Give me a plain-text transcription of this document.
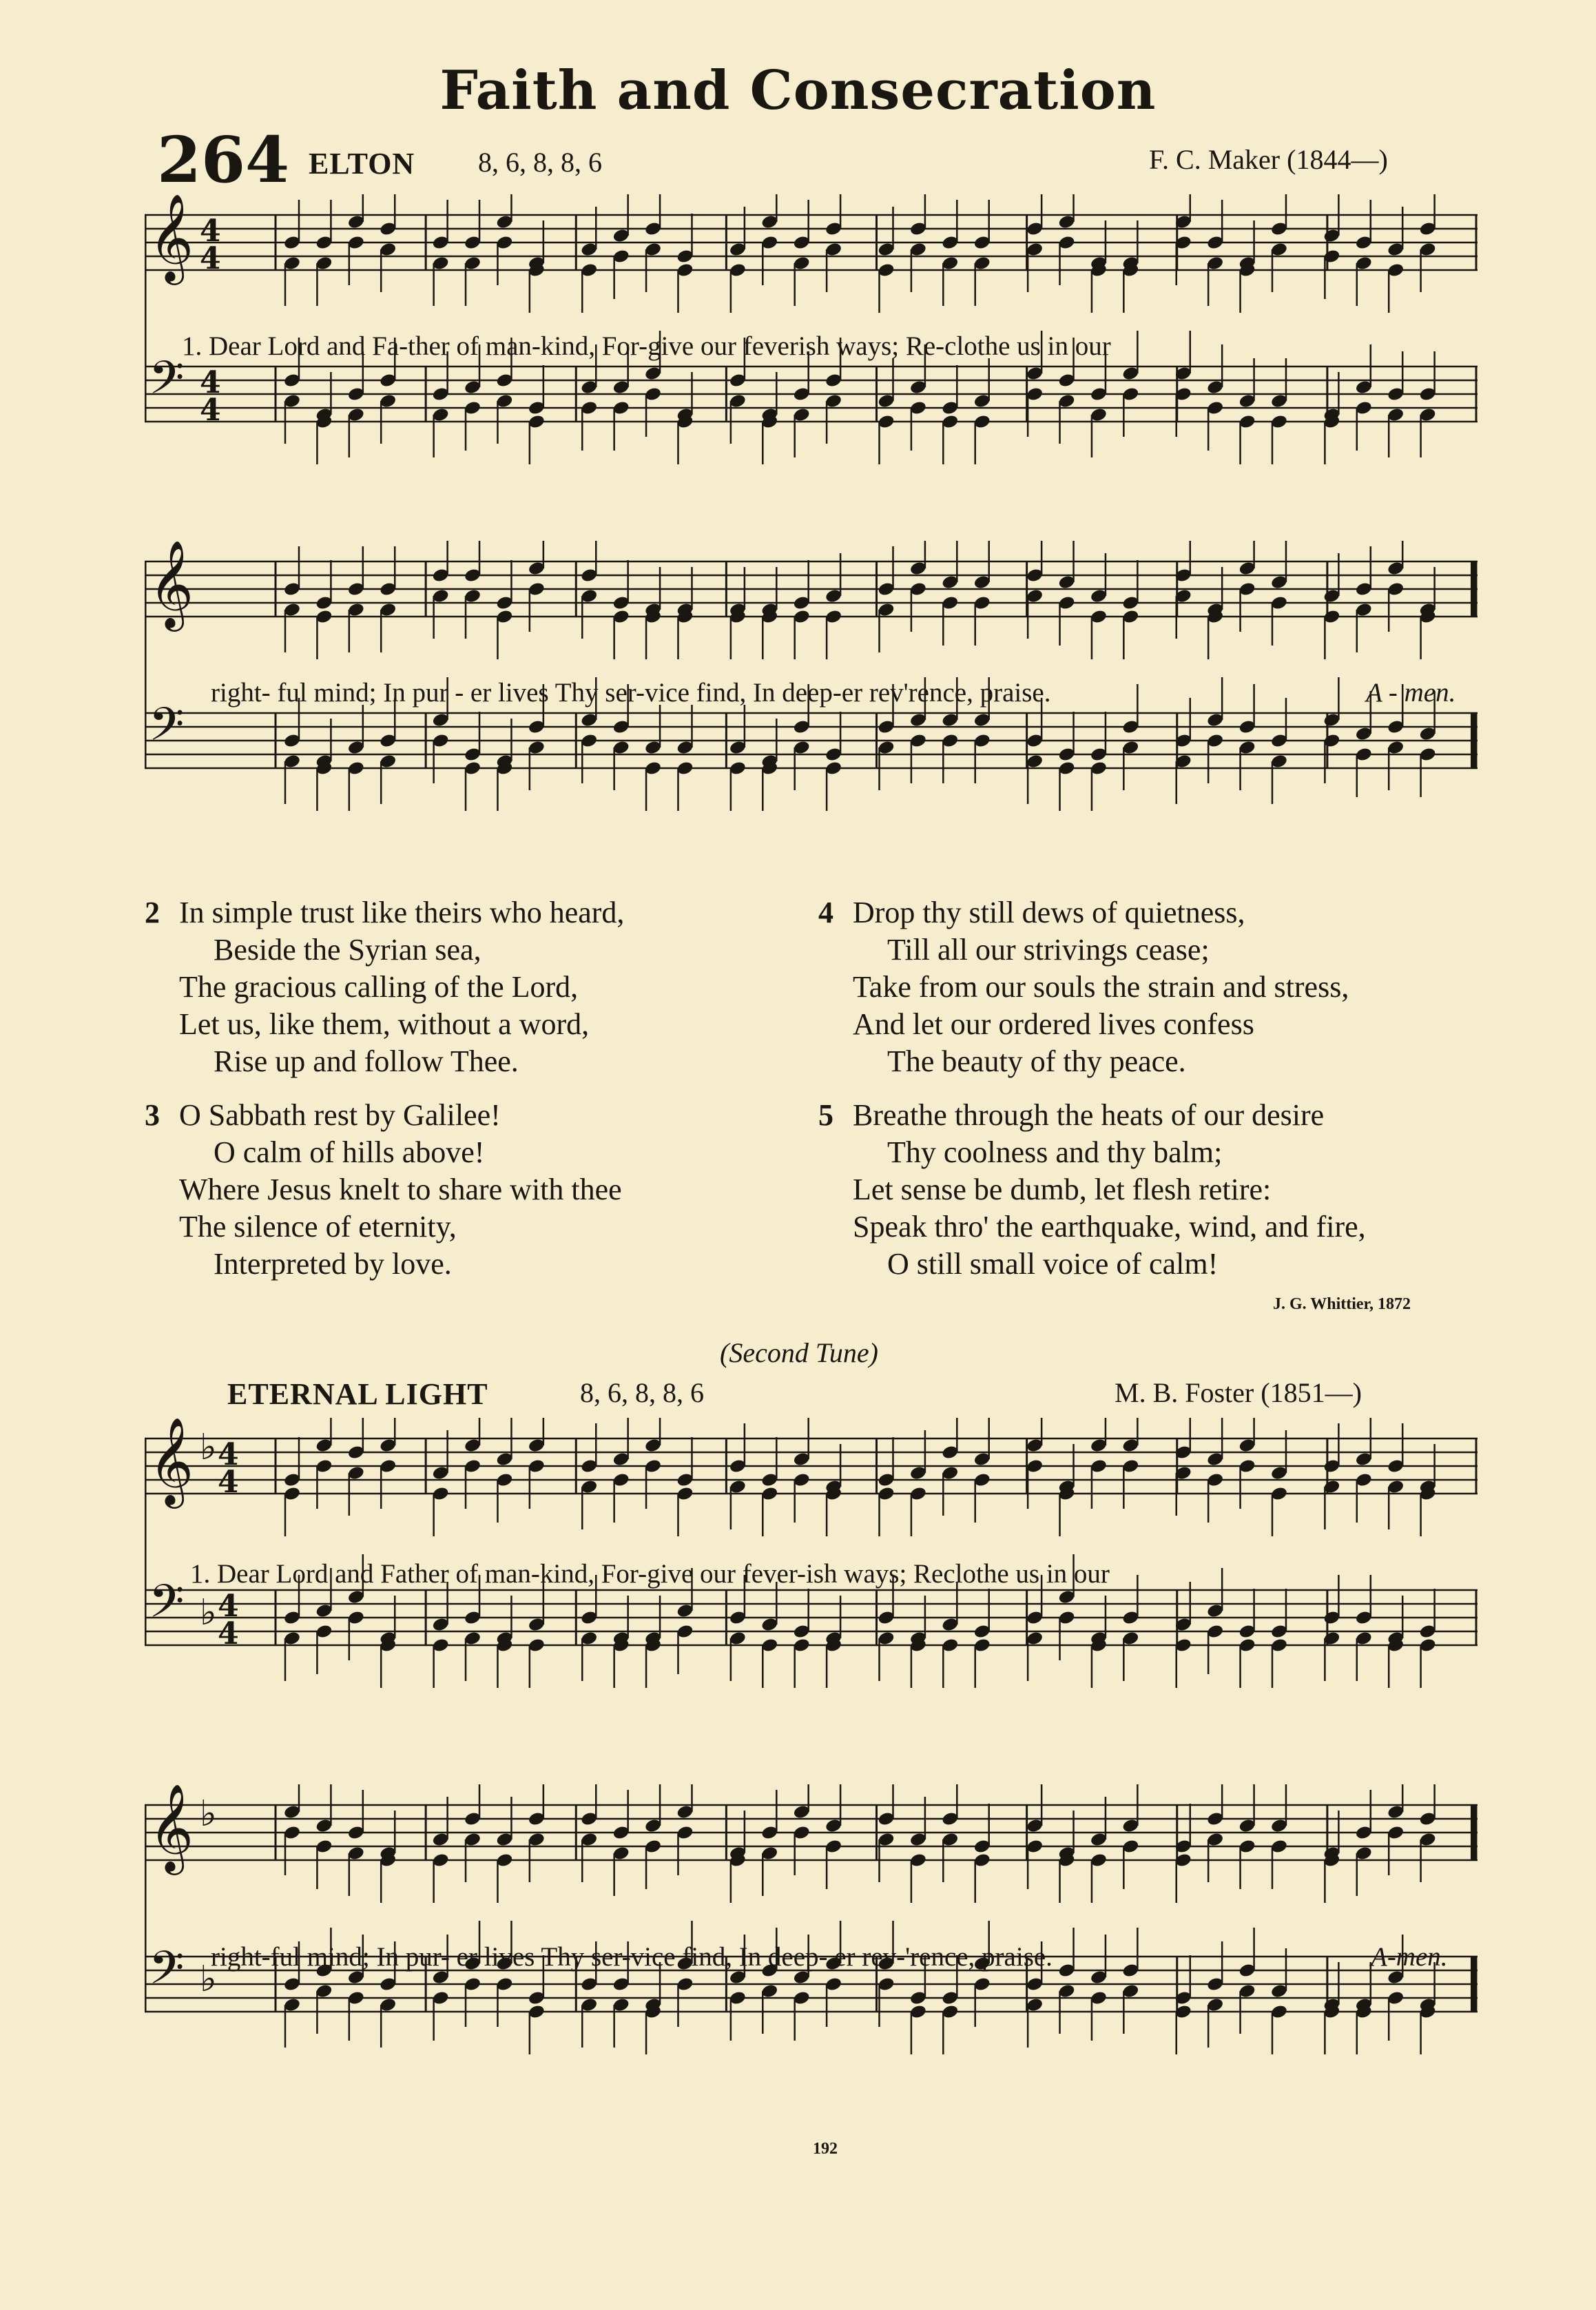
Faith and Consecration
264 ELTON 8, 6, 8, 8, 6	F. C. Maker (1844—)
𝄞 4
4
𝄢 4
4
1. Dear Lord and Fa-ther of man-kind, For-give our feverish ways; Re-clothe us in our
𝄞
𝄢
right- ful mind; In pur - er lives Thy ser-vice find, In deep-er rev'rence, praise.	A - men.
2 In simple trust like theirs who heard,
Beside the Syrian sea,
The gracious calling of the Lord,
Let us, like them, without a word,
Rise up and follow Thee.
3 O Sabbath rest by Galilee!
O calm of hills above!
Where Jesus knelt to share with thee
The silence of eternity,
Interpreted by love.
4 Drop thy still dews of quietness,
Till all our strivings cease;
Take from our souls the strain and stress,
And let our ordered lives confess
The beauty of thy peace.
5 Breathe through the heats of our desire
Thy coolness and thy balm;
Let sense be dumb, let flesh retire:
Speak thro' the earthquake, wind, and fire,
O still small voice of calm!
J. G. Whittier, 1872
(Second Tune)
ETERNAL LIGHT	8, 6, 8, 8, 6	M. B. Foster (1851—)
𝄞 ♭ 4
4
𝄢 ♭ 4
4
1. Dear Lord and Father of man-kind, For-give our fever-ish ways; Reclothe us in our
𝄞 ♭
𝄢 ♭
right-ful mind; In pur- er lives Thy ser-vice find, In deep- er rev-'rence, praise.	A-men.
192
